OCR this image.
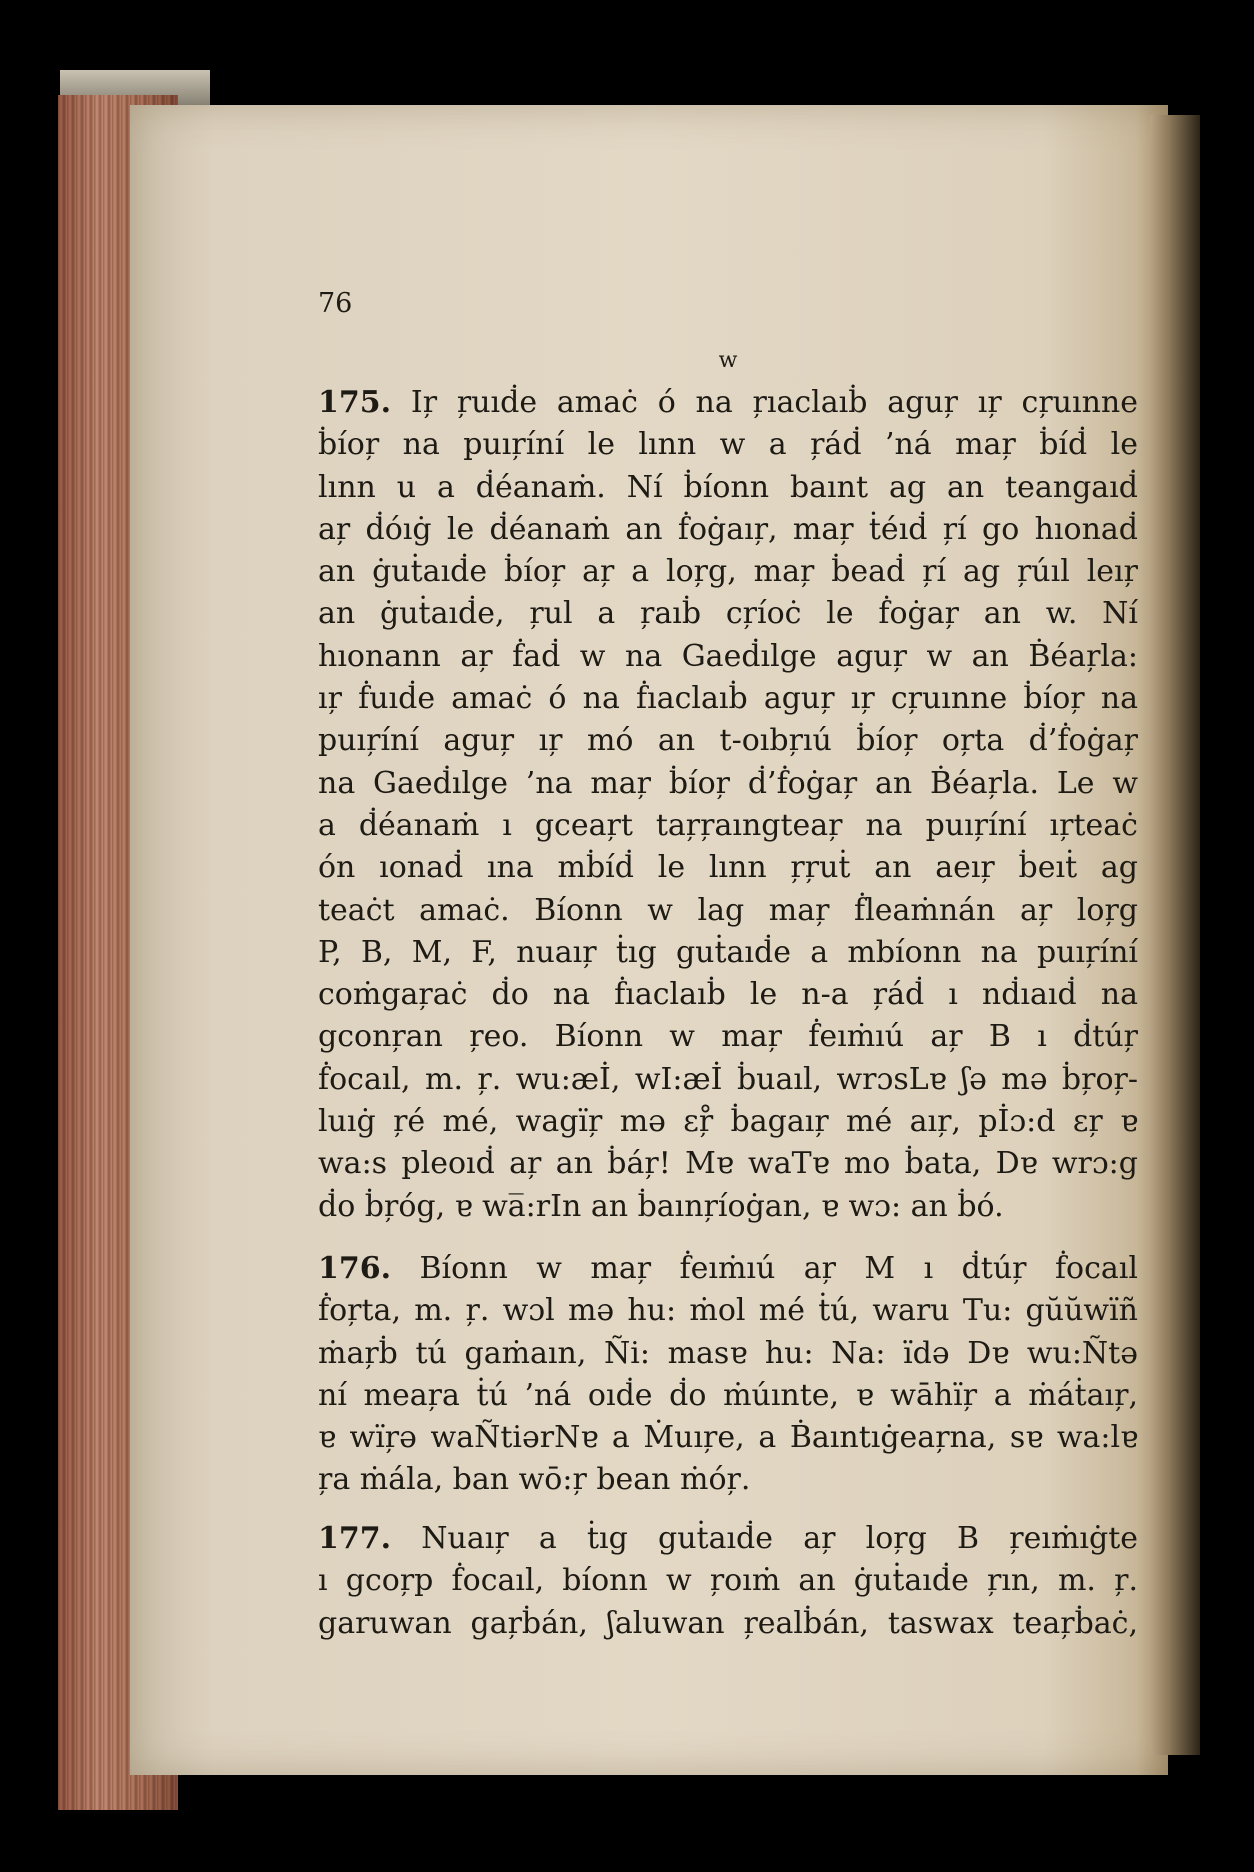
76
w
175. Iŗ ŗuıḋe amaċ ó na ŗıaclaıḃ aguŗ ıŗ cŗuınne
ḃíoŗ na puıŗíní le lınn w a ŗáḋ ’ná maŗ ḃíḋ le
lınn u a ḋéanaṁ. Ní ḃíonn baınt ag an teangaıḋ
aŗ ḋóıġ le ḋéanaṁ an ḟoġaıŗ, maŗ ṫéıḋ ŗí go hıonaḋ
an ġuṫaıḋe ḃíoŗ aŗ a loŗg, maŗ ḃeaḋ ŗí ag ŗúıl leıŗ
an ġuṫaıḋe, ŗul a ŗaıḃ cŗíoċ le ḟoġaŗ an w. Ní
hıonann aŗ ḟaḋ w na Gaeḋılge aguŗ w an Ḃéaŗla:
ıŗ ḟuıḋe amaċ ó na ḟıaclaıḃ aguŗ ıŗ cŗuınne ḃíoŗ na
puıŗíní aguŗ ıŗ mó an t-oıbŗıú ḃíoŗ oŗta ḋ’ḟoġaŗ
na Gaeḋılge ’na maŗ ḃíoŗ ḋ’ḟoġaŗ an Ḃéaŗla. Le w
a ḋéanaṁ ı gceaŗt taŗŗaıngteaŗ na puıŗíní ıŗteaċ
ón ıonaḋ ına mḃíḋ le lınn ŗŗuṫ an aeıŗ ḃeıṫ ag
teaċt amaċ. Bíonn w lag maŗ ḟleaṁnán aŗ loŗg
P, B, M, F, nuaıŗ ṫıg guṫaıḋe a mbíonn na puıŗíní
coṁgaŗaċ ḋo na ḟıaclaıḃ le n-a ŗáḋ ı nḋıaıḋ na
gconŗan ŗeo. Bíonn w maŗ ḟeıṁıú aŗ B ı ḋtúŗ
ḟocaıl, m. ŗ. wu:æİ, wI:æİ ḃuaıl, wrɔsLɐ ʃə mə ḃŗoŗ-
luıġ ŗé mé, wagïŗ mə ɛŗ̊ ḃagaıŗ mé aıŗ, pİɔ:d ɛŗ ɐ
wa:s pleoıḋ aŗ an ḃáŗ! Mɐ waTɐ mo ḃata, Dɐ wrɔ:g
ḋo ḃŗóg, ɐ wa̅:rIn an ḃaınŗíoġan, ɐ wɔ: an ḃó.
176. Bíonn w maŗ ḟeıṁıú aŗ M ı ḋtúŗ ḟocaıl
ḟoŗta, m. ŗ. wɔl mə hu: ṁol mé ṫú, waru Tu: gŭŭwïñ
ṁaŗḃ tú gaṁaın, Ñi: masɐ hu: Na: ïdə Dɐ wu:Ñtə
ní meaŗa ṫú ’ná oıḋe ḋo ṁúınte, ɐ wāhïŗ a ṁáṫaıŗ,
ɐ wïŗə waÑtiərNɐ a Ṁuıŗe, a Ḃaıntıġeaŗna, sɐ wa:lɐ
ŗa ṁála, ban wō:ŗ bean ṁóŗ.
177. Nuaıŗ a ṫıg guṫaıḋe aŗ loŗg B ŗeıṁıġte
ı gcoŗp ḟocaıl, bíonn w ŗoıṁ an ġuṫaıḋe ŗın, m. ŗ.
garuwan gaŗḃán, ʃaluwan ŗealḃán, taswax teaŗḃaċ,
